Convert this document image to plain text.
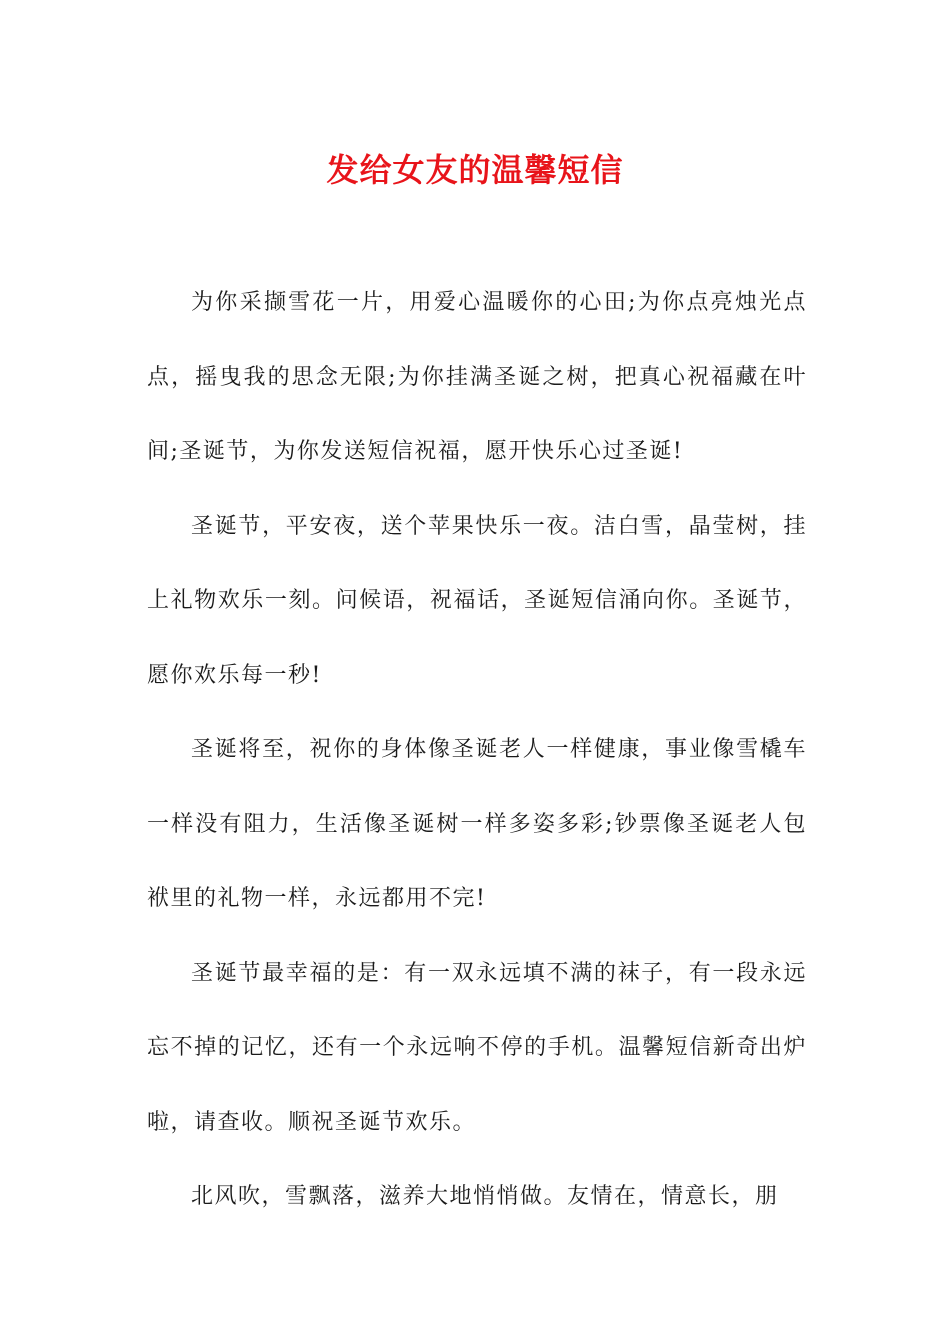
发给女友的温馨短信

为你采撷雪花一片，用爱心温暖你的心田;为你点亮烛光点点，摇曳我的思念无限;为你挂满圣诞之树，把真心祝福藏在叶间;圣诞节，为你发送短信祝福，愿开快乐心过圣诞!

圣诞节，平安夜，送个苹果快乐一夜。洁白雪，晶莹树，挂上礼物欢乐一刻。问候语，祝福话，圣诞短信涌向你。圣诞节，愿你欢乐每一秒!

圣诞将至，祝你的身体像圣诞老人一样健康，事业像雪橇车一样没有阻力，生活像圣诞树一样多姿多彩;钞票像圣诞老人包袱里的礼物一样，永远都用不完!

圣诞节最幸福的是：有一双永远填不满的袜子，有一段永远忘不掉的记忆，还有一个永远响不停的手机。温馨短信新奇出炉啦，请查收。顺祝圣诞节欢乐。

北风吹，雪飘落，滋养大地悄悄做。友情在，情意长，朋
